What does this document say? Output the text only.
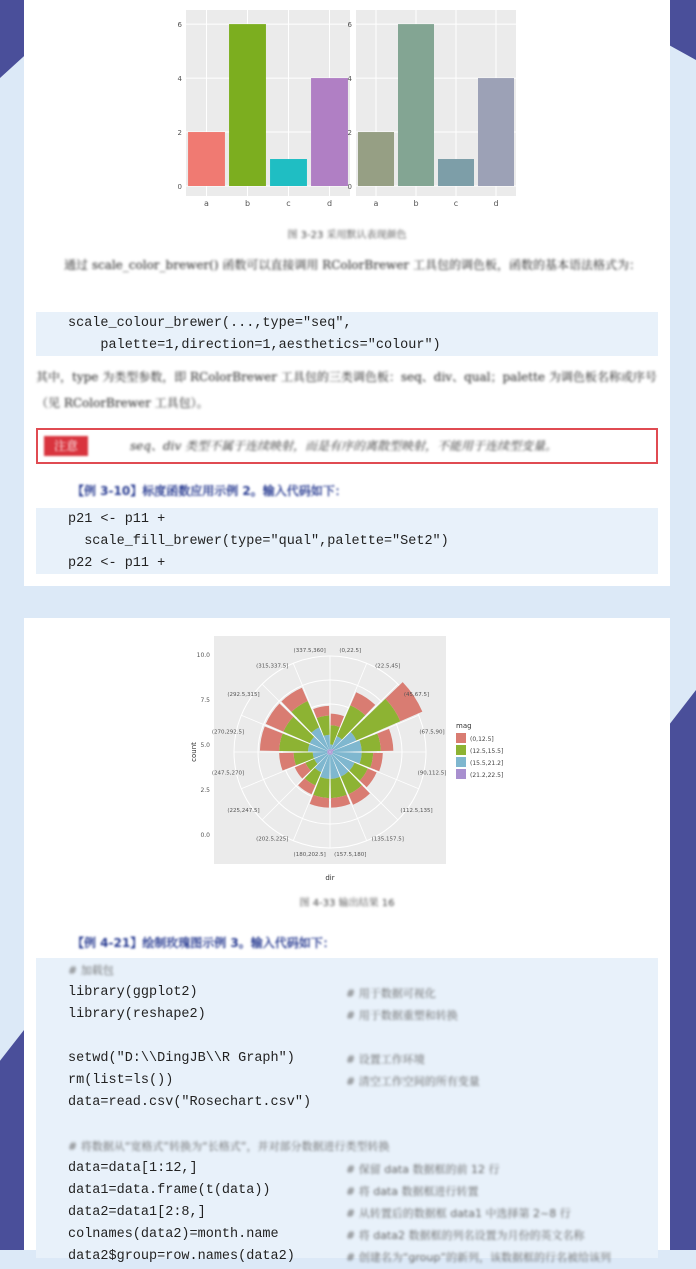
0
2
4
6
a	b	c	d
0
2
4
6
a	b	c	d
图 3-23 采用默认表现颜色
通过 scale_color_brewer() 函数可以直接调用 RColorBrewer 工具包的调色板，函数的基本语法格式为：

scale_colour_brewer(...,type="seq",

palette=1,direction=1,aesthetics="colour")

其中，type 为类型参数，即 RColorBrewer 工具包的三类调色板：seq、div、qual；palette 为调色板名称或序号（见 RColorBrewer 工具包）。
注意	seq、div 类型不属于连续映射，而是有序的离散型映射，不能用于连续型变量。
【例 3-10】标度函数应用示例 2。输入代码如下：

p21 <- p11 +

scale_fill_brewer(type="qual",palette="Set2")

p22 <- p11 +

0.0
2.5
5.0
7.5
10.0
(0,22.5]
(22.5,45]
(45,67.5]
(67.5,90]
(90,112.5]
(112.5,135]
(135,157.5]
(157.5,180]
(180,202.5]
(202.5,225]
(225,247.5]
(247.5,270]
(270,292.5]
(292.5,315]
(315,337.5]
(337.5,360]
count
dir
mag
(0,12.5]
(12.5,15.5]
(15.5,21.2]
(21.2,22.5]
图 4-33 输出结果 16
【例 4-21】绘制玫瑰图示例 3。输入代码如下：
# 加载包
library(ggplot2)	# 用于数据可视化
library(reshape2)	# 用于数据重塑和转换
setwd("D:\\DingJB\\R Graph")	# 设置工作环境
rm(list=ls())	# 清空工作空间的所有变量
data=read.csv("Rosechart.csv")
# 将数据从“宽格式”转换为“长格式”，并对部分数据进行类型转换
data=data[1:12,]	# 保留 data 数据框的前 12 行
data1=data.frame(t(data))	# 将 data 数据框进行转置
data2=data1[2:8,]	# 从转置后的数据框 data1 中选择第 2~8 行
colnames(data2)=month.name	# 将 data2 数据框的列名设置为月份的英文名称
data2$group=row.names(data2)	# 创建名为“group”的新列，该数据框的行名被给该列
